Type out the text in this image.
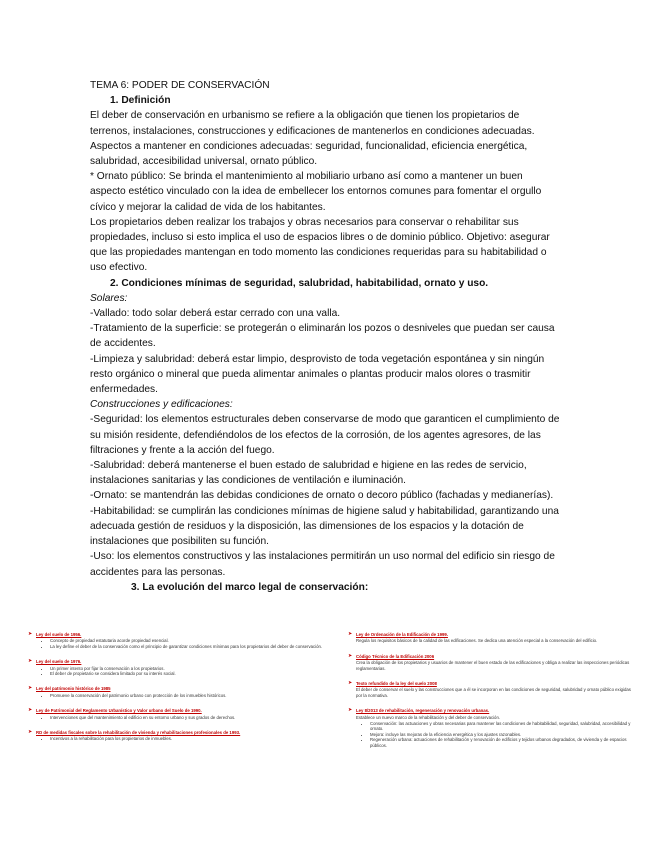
TEMA 6: PODER DE CONSERVACIÓN

1. Definición

El deber de conservación en urbanismo se refiere a la obligación que tienen los propietarios de terrenos, instalaciones, construcciones y edificaciones de mantenerlos en condiciones adecuadas.

Aspectos a mantener en condiciones adecuadas: seguridad, funcionalidad, eficiencia energética, salubridad, accesibilidad universal, ornato público.

* Ornato público: Se brinda el mantenimiento al mobiliario urbano así como a mantener un buen aspecto estético vinculado con la idea de embellecer los entornos comunes para fomentar el orgullo cívico y mejorar la calidad de vida de los habitantes.

Los propietarios deben realizar los trabajos y obras necesarios para conservar o rehabilitar sus propiedades, incluso si esto implica el uso de espacios libres o de dominio público. Objetivo: asegurar que las propiedades mantengan en todo momento las condiciones requeridas para su habitabilidad o uso efectivo.

2. Condiciones mínimas de seguridad, salubridad, habitabilidad, ornato y uso.

Solares:

-Vallado: todo solar deberá estar cerrado con una valla.

-Tratamiento de la superficie: se protegerán o eliminarán los pozos o desniveles que puedan ser causa de accidentes.

-Limpieza y salubridad: deberá estar limpio, desprovisto de toda vegetación espontánea y sin ningún resto orgánico o mineral que pueda alimentar animales o plantas producir malos olores o trasmitir enfermedades.

Construcciones y edificaciones:

-Seguridad: los elementos estructurales deben conservarse de modo que garanticen el cumplimiento de su misión residente, defendiéndolos de los efectos de la corrosión, de los agentes agresores, de las filtraciones y frente a la acción del fuego.

-Salubridad: deberá mantenerse el buen estado de salubridad e higiene en las redes de servicio, instalaciones sanitarias y las condiciones de ventilación e iluminación.

-Ornato: se mantendrán las debidas condiciones de ornato o decoro público (fachadas y medianerías).

-Habitabilidad: se cumplirán las condiciones mínimas de higiene salud y habitabilidad, garantizando una adecuada gestión de residuos y la disposición, las dimensiones de los espacios y la dotación de instalaciones que posibiliten su función.

-Uso: los elementos constructivos y las instalaciones permitirán un uso normal del edificio sin riesgo de accidentes para las personas.

3. La evolución del marco legal de conservación:

➤ Ley del suelo de 1956.
• Concepto de propiedad estatutaria acorde propiedad esencial.
• La ley define el deber de la conservación como el principio de garantizar condiciones mínimas para los propietarios del deber de conservación.
➤ Ley del suelo de 1976.
• Un primer intento por fijar la conservación a los propietarios.
• El deber de propietario se considera limitado por su interés social.
➤ Ley del patrimonio histórico de 1985
• Promueve la conservación del patrimonio urbano con protección de los inmuebles históricos.
➤ Ley de Patrimonial del Reglamento Urbanístico y Valor urbano del Suelo de 1990.
• Intervenciones que del mantenimiento al edificio en su entorno urbano y sus grados de derechos.
➤ RD de medidas fiscales sobre la rehabilitación de vivienda y rehabilitaciones profesionales de 1993.
• Incentivos a la rehabilitación para los propietarios de inmuebles.
➤ Ley de Ordenación de la Edificación de 1999.
Regula los requisitos básicos de la calidad de las edificaciones. Se dedica una atención especial a la conservación del edificio.
➤ Código Técnico de la Edificación 2006
Crea la obligación de los propietarios y usuarios de mantener el buen estado de las edificaciones y obliga a realizar las inspecciones periódicas reglamentarias.
➤ Texto refundido de la ley del suelo 2008
El deber de conservar el suelo y las construcciones que a él se incorporan en las condiciones de seguridad, salubridad y ornato público exigidas por la normativa.
➤ Ley 8/2013 de rehabilitación, regeneración y renovación urbanas.
Establece un nuevo marco de la rehabilitación y del deber de conservación.
• Conservación: las actuaciones y obras necesarias para mantener las condiciones de habitabilidad, seguridad, salubridad, accesibilidad y ornato.
• Mejora: incluye las mejoras de la eficiencia energética y los ajustes razonables.
• Regeneración urbana: actuaciones de rehabilitación y renovación de edificios y tejidos urbanos degradados, de vivienda y de espacios públicos.
